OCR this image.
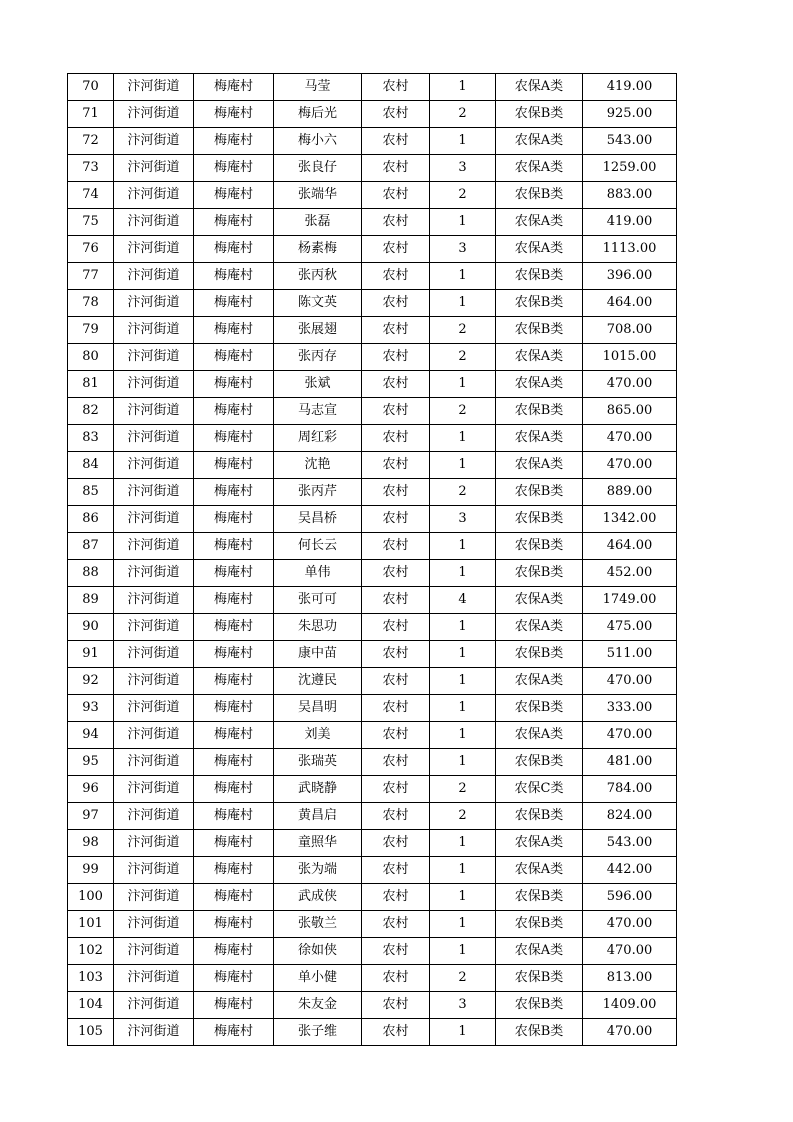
70	汴河街道	梅庵村	马莹	农村	1	农保A类	419.00
71	汴河街道	梅庵村	梅后光	农村	2	农保B类	925.00
72	汴河街道	梅庵村	梅小六	农村	1	农保A类	543.00
73	汴河街道	梅庵村	张良仔	农村	3	农保A类	1259.00
74	汴河街道	梅庵村	张端华	农村	2	农保B类	883.00
75	汴河街道	梅庵村	张磊	农村	1	农保A类	419.00
76	汴河街道	梅庵村	杨素梅	农村	3	农保A类	1113.00
77	汴河街道	梅庵村	张丙秋	农村	1	农保B类	396.00
78	汴河街道	梅庵村	陈文英	农村	1	农保B类	464.00
79	汴河街道	梅庵村	张展翅	农村	2	农保B类	708.00
80	汴河街道	梅庵村	张丙存	农村	2	农保A类	1015.00
81	汴河街道	梅庵村	张斌	农村	1	农保A类	470.00
82	汴河街道	梅庵村	马志宣	农村	2	农保B类	865.00
83	汴河街道	梅庵村	周红彩	农村	1	农保A类	470.00
84	汴河街道	梅庵村	沈艳	农村	1	农保A类	470.00
85	汴河街道	梅庵村	张丙芹	农村	2	农保B类	889.00
86	汴河街道	梅庵村	吴昌桥	农村	3	农保B类	1342.00
87	汴河街道	梅庵村	何长云	农村	1	农保B类	464.00
88	汴河街道	梅庵村	单伟	农村	1	农保B类	452.00
89	汴河街道	梅庵村	张可可	农村	4	农保A类	1749.00
90	汴河街道	梅庵村	朱思功	农村	1	农保A类	475.00
91	汴河街道	梅庵村	康中苗	农村	1	农保B类	511.00
92	汴河街道	梅庵村	沈遵民	农村	1	农保A类	470.00
93	汴河街道	梅庵村	吴昌明	农村	1	农保B类	333.00
94	汴河街道	梅庵村	刘美	农村	1	农保A类	470.00
95	汴河街道	梅庵村	张瑞英	农村	1	农保B类	481.00
96	汴河街道	梅庵村	武晓静	农村	2	农保C类	784.00
97	汴河街道	梅庵村	黄昌启	农村	2	农保B类	824.00
98	汴河街道	梅庵村	童照华	农村	1	农保A类	543.00
99	汴河街道	梅庵村	张为端	农村	1	农保A类	442.00
100	汴河街道	梅庵村	武成侠	农村	1	农保B类	596.00
101	汴河街道	梅庵村	张敬兰	农村	1	农保B类	470.00
102	汴河街道	梅庵村	徐如侠	农村	1	农保A类	470.00
103	汴河街道	梅庵村	单小健	农村	2	农保B类	813.00
104	汴河街道	梅庵村	朱友金	农村	3	农保B类	1409.00
105	汴河街道	梅庵村	张子维	农村	1	农保B类	470.00
